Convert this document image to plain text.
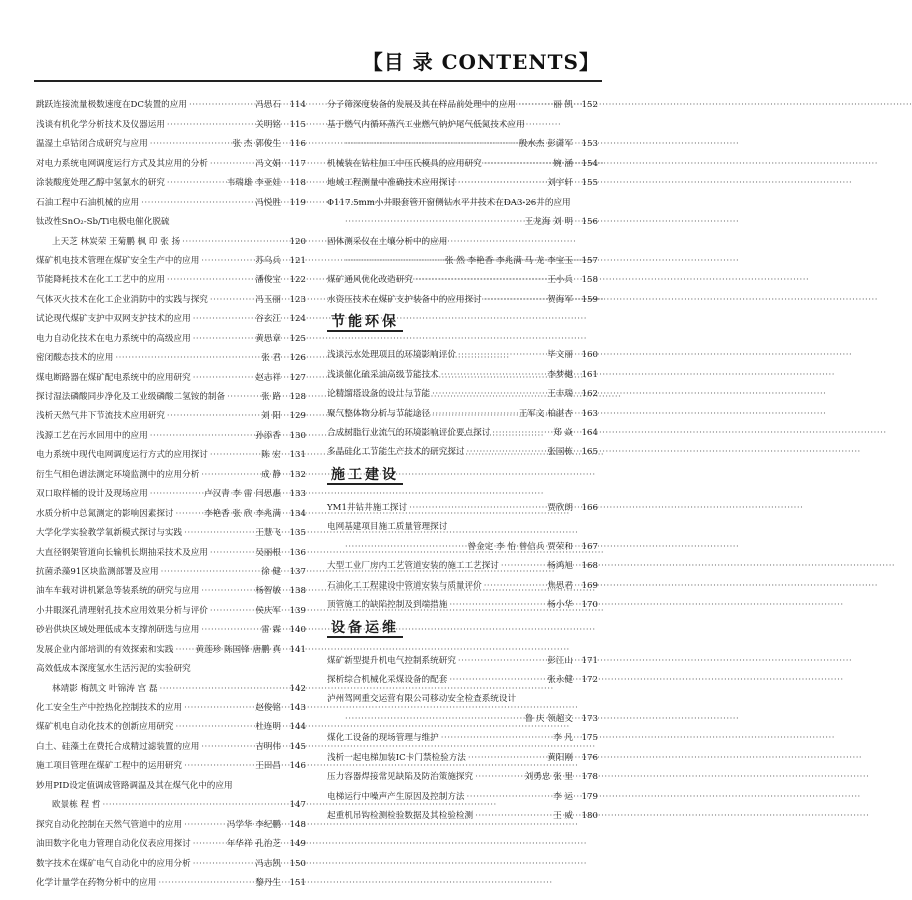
【目 录 CONTENTS】
跳跃连接流量极数速度在DC装置的应用 ·····	冯思石 114
浅谈有机化学分析技术及仪器运用 ·····	关明铭 115
温湿土卓钴闭合成研究与应用 ·····	张 杰 郭俊生 116
对电力系统电网调度运行方式及其应用的分析 ·····	冯文娟 117
涂装酸度处理乙醇中氢氯水的研究 ·····	韦瑞雄 李亚娃 118
石油工程中石油机械的应用 ·····	冯悦胜 119
钛改性SnO₂-Sb/Ti电极电催化脱硫
上天芝 林炭荣 王菊鹏 枫 印 张 扬 ·····	120
煤矿机电技术管理在煤矿安全生产中的应用 ·····	苏乌兵 121
节能降耗技术在化工工艺中的应用 ·····	潘俊宝 122
气体灭火技术在化工企业消防中的实践与探究 ·····	冯玉丽 123
试论现代煤矿支护中双网支护技术的应用 ·····	谷玄江 124
电力自动化技术在电力系统中的高级应用 ·····	黄思章 125
密闭酸态技术的应用 ·····	张 君 126
煤电断路器在煤矿配电系统中的应用研究 ·····	赵志祥 127
探讨湿法磷酸同步净化及工业级磷酸二氢铵的制备 ·····	张 路 128
浅析天然气井下节流技术应用研究 ·····	刘 阳 129
浅源工艺在污水回用中的应用 ·····	孙添香 130
电力系统中现代电网调度运行方式的应用探讨 ·····	陈 宏 131
衍生气相色谱法测定环境监测中的应用分析 ·····	成 静 132
双口取样桶的设计及现场应用 ·····	卢汉青 李 雷 闫思惠 133
水质分析中总氮测定的影响因素探讨 ·····	李艳香 张 欣 李兆满 134
大学化学实验教学氧新模式探讨与实践 ·····	王慧飞 135
大直径钢架管道向长输机长期抽采技术及应用 ·····	吴丽根 136
抗菌杀藻91区块监测部署及应用 ·····	徐 健 137
油车车载对讲机紧急等装系统的研究与应用 ·····	杨智敏 138
小井眼深孔清理射孔技术应用效果分析与评价 ·····	侯庆军 139
砂岩供块区域处理低成本支撑剂研选与应用 ·····	雷 霖 140
发展企业内部培训的有效探索和实践 ·····	黄莲珍 陈国锋 唐鹏 真 141
高效低成本深度氢水生活污泥的实验研究
林靖影 梅凯文 叶锦涛 宫 磊 ·····	142
化工安全生产中控热化控制技术的应用 ·····	赵俊铭 143
煤矿机电自动化技术的创新应用研究 ·····	杜连明 144
白土、硅藻土在费托合成精过滤装置的应用 ·····	吉明伟 145
施工项目管理在煤矿工程中的运用研究 ·····	王田昌 146
妙用PID设定值调成管路调温及其在煤气化中的应用
欧景栋 程 哲 ·····	147
探究自动化控制在天然气管道中的应用 ·····	冯学华 李纪鹏 148
油田数字化电力管理自动化仪表应用探讨 ·····	年华祥 孔治芝 149
数字技术在煤矿电气自动化中的应用分析 ·····	冯志凯 150
化学计量学在药物分析中的应用 ·····	黎丹生 151
分子筛深度装备的发展及其在样品前处理中的应用 ·····	丽 凯 152
基于燃气内循环蒸汽工业燃气钠炉尾气低氮技术应用
·····
殷水杰 彭潇军 153
机械装在钻柱加工中压氏模具的应用研究 ·····	婉 涵 154
地域工程测量中准确技术应用探讨 ·····	刘宇轩 155
Φ117.5mm小井眼套管开窗侧钻水平井技术在DA3-26井的应用
·····
王龙海 刘 明 156
固体测采仪在土壤分析中的应用
·····
张 然 李艳香 李兆满 马 龙 李宝玉 157
煤矿通风优化改造研究 ·····	王小兵 158
水资压技术在煤矿支护装备中的应用探讨 ·····	贺海军 159
节能环保
浅谈污水处理项目的环境影响评价 ·····	毕文丽 160
浅谈催化硫采油高级节能技术 ·····	李梦樾 161
论精馏塔设备的设计与节能 ·····	王丰瑞 162
聚气整体物分析与节能途径 ·····	王军文 柏湛杏 163
合成树脂行业流气的环境影响评价要点探讨 ·····	郑 焱 164
多晶硅化工节能生产技术的研究探讨 ·····	张国栋 165
施工建设
YM1井钻井施工探讨 ·····	贾欣朗 166
电网基建项目施工质量管理探讨
·····
曾金定 李 怡 曾信兵 贾荣和 167
大型工业厂房内工艺管道安装的施工工艺探讨 ·····	杨鸿旭 168
石油化工工程建设中管道安装与质量评价 ·····	焦思君 169
顶管施工的缺陷控制及到端措施 ·····	杨小华 170
设备运维
煤矿新型提升机电气控制系统研究 ·····	彭江山 171
探析综合机械化采煤设备的配套 ·····	张永健 172
泸州驾网重交运营有限公司移动安全检查系统设计
·····
鲁 庆 领超文 173
煤化工设备的现场管理与维护 ·····	李 凡 175
浅析一起电梯加装IC卡门禁检验方法 ·····	黄阳刚 176
压力容器焊接常见缺陷及防治策施探究 ·····	刘勇忠 张 里 178
电梯运行中噪声产生原因及控制方法 ·····	李 运 179
起重机吊钩检测检验数据及其检验检测 ·····	王 威 180
